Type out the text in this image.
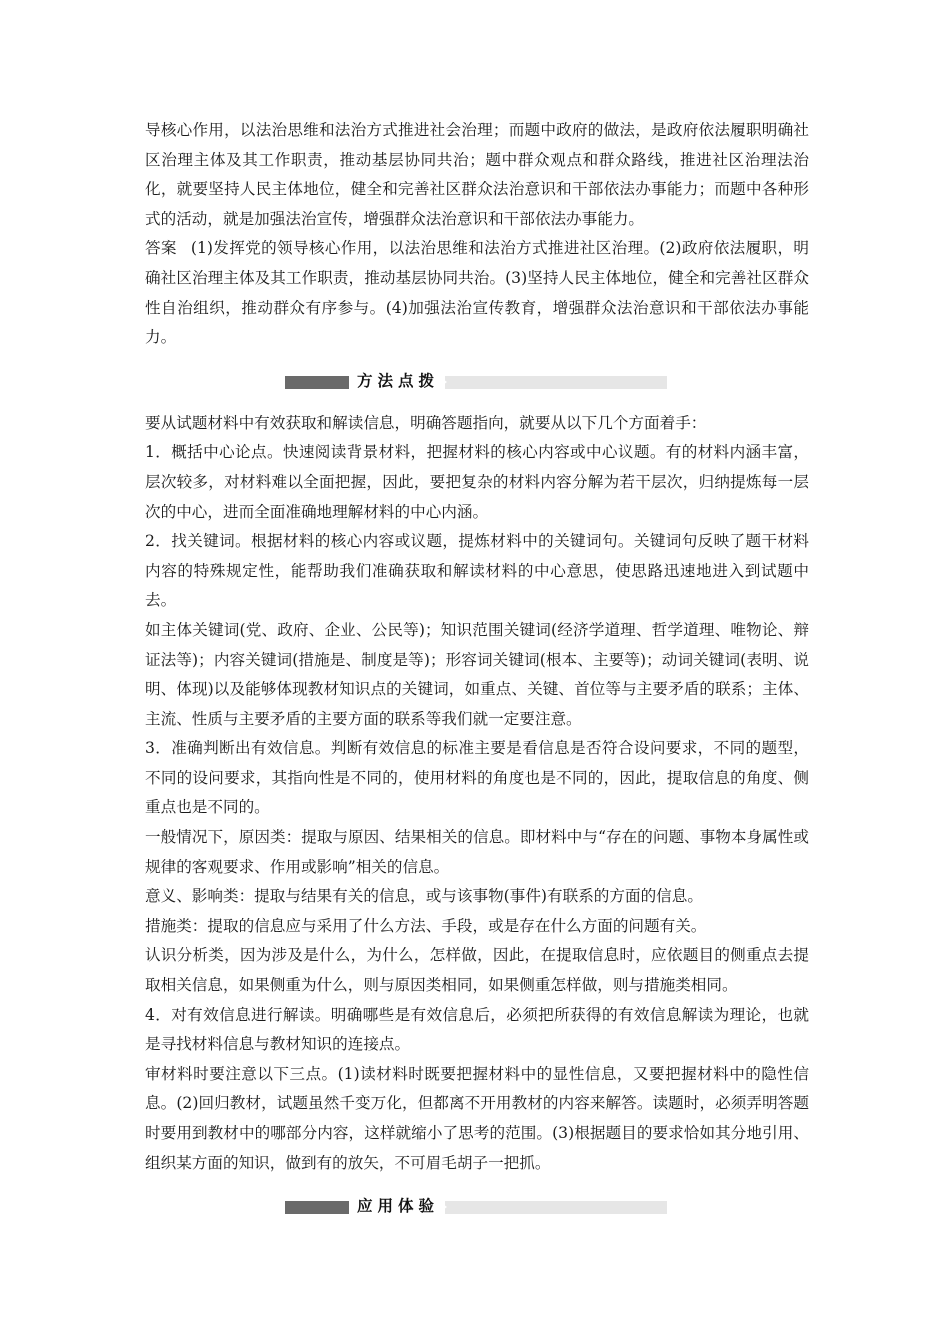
导核心作用，以法治思维和法治方式推进社会治理；而题中政府的做法，是政府依法履职明确社区治理主体及其工作职责，推动基层协同共治；题中群众观点和群众路线，推进社区治理法治化，就要坚持人民主体地位，健全和完善社区群众法治意识和干部依法办事能力；而题中各种形式的活动，就是加强法治宣传，增强群众法治意识和干部依法办事能力。

答案 (1)发挥党的领导核心作用，以法治思维和法治方式推进社区治理。(2)政府依法履职，明确社区治理主体及其工作职责，推动基层协同共治。(3)坚持人民主体地位，健全和完善社区群众性自治组织，推动群众有序参与。(4)加强法治宣传教育，增强群众法治意识和干部依法办事能力。

方法点拨

要从试题材料中有效获取和解读信息，明确答题指向，就要从以下几个方面着手：

1．概括中心论点。快速阅读背景材料，把握材料的核心内容或中心议题。有的材料内涵丰富，层次较多，对材料难以全面把握，因此，要把复杂的材料内容分解为若干层次，归纳提炼每一层次的中心，进而全面准确地理解材料的中心内涵。

2．找关键词。根据材料的核心内容或议题，提炼材料中的关键词句。关键词句反映了题干材料内容的特殊规定性，能帮助我们准确获取和解读材料的中心意思，使思路迅速地进入到试题中去。

如主体关键词(党、政府、企业、公民等)；知识范围关键词(经济学道理、哲学道理、唯物论、辩证法等)；内容关键词(措施是、制度是等)；形容词关键词(根本、主要等)；动词关键词(表明、说明、体现)以及能够体现教材知识点的关键词，如重点、关键、首位等与主要矛盾的联系；主体、主流、性质与主要矛盾的主要方面的联系等我们就一定要注意。

3．准确判断出有效信息。判断有效信息的标准主要是看信息是否符合设问要求，不同的题型，不同的设问要求，其指向性是不同的，使用材料的角度也是不同的，因此，提取信息的角度、侧重点也是不同的。

一般情况下，原因类：提取与原因、结果相关的信息。即材料中与“存在的问题、事物本身属性或规律的客观要求、作用或影响”相关的信息。

意义、影响类：提取与结果有关的信息，或与该事物(事件)有联系的方面的信息。

措施类：提取的信息应与采用了什么方法、手段，或是存在什么方面的问题有关。

认识分析类，因为涉及是什么，为什么，怎样做，因此，在提取信息时，应依题目的侧重点去提取相关信息，如果侧重为什么，则与原因类相同，如果侧重怎样做，则与措施类相同。

4．对有效信息进行解读。明确哪些是有效信息后，必须把所获得的有效信息解读为理论，也就是寻找材料信息与教材知识的连接点。

审材料时要注意以下三点。(1)读材料时既要把握材料中的显性信息，又要把握材料中的隐性信息。(2)回归教材，试题虽然千变万化，但都离不开用教材的内容来解答。读题时，必须弄明答题时要用到教材中的哪部分内容，这样就缩小了思考的范围。(3)根据题目的要求恰如其分地引用、组织某方面的知识，做到有的放矢，不可眉毛胡子一把抓。

应用体验
